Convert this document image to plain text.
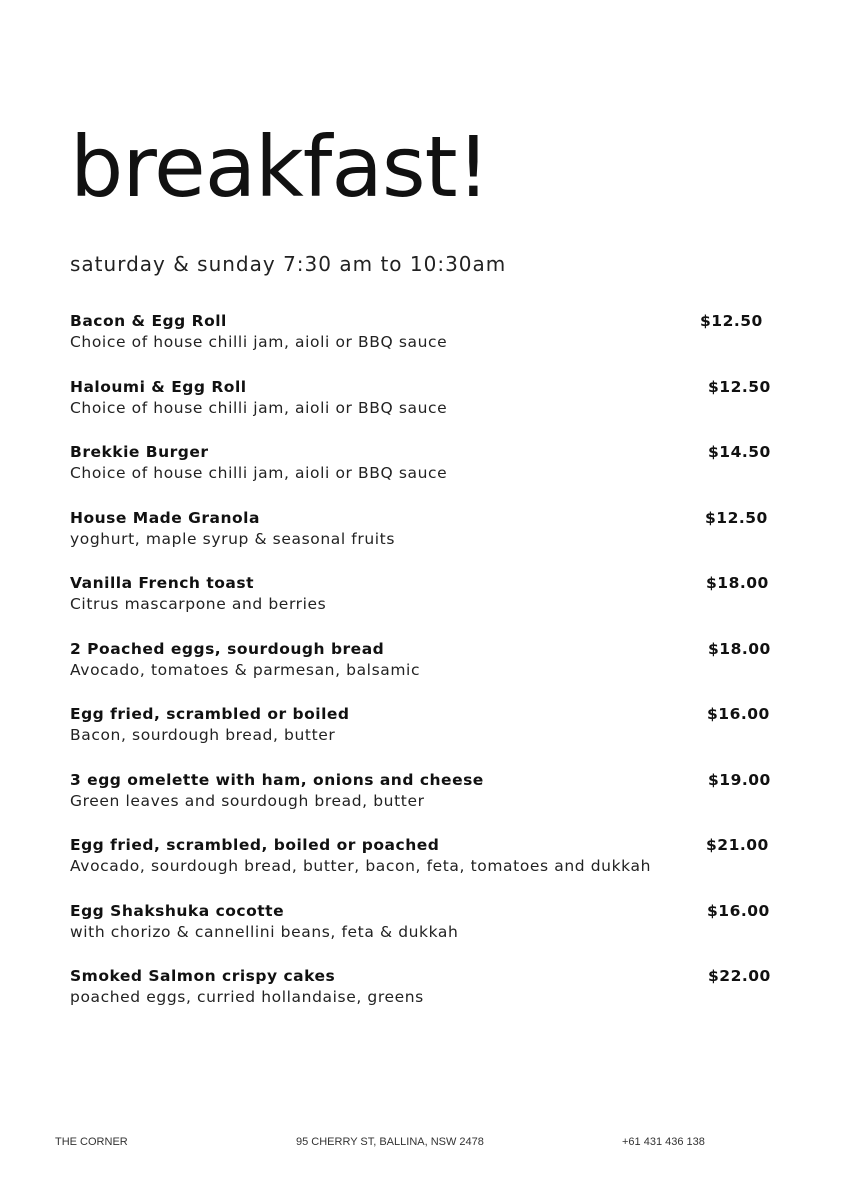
breakfast!
saturday & sunday 7:30 am to 10:30am
Bacon & Egg Roll
Choice of house chilli jam, aioli or BBQ sauce
$12.50
Haloumi & Egg Roll
Choice of house chilli jam, aioli or BBQ sauce
$12.50
Brekkie Burger
Choice of house chilli jam, aioli or BBQ sauce
$14.50
House Made Granola
yoghurt, maple syrup & seasonal fruits
$12.50
Vanilla French toast
Citrus mascarpone and berries
$18.00
2 Poached eggs, sourdough bread
Avocado, tomatoes & parmesan, balsamic
$18.00
Egg fried, scrambled or boiled
Bacon, sourdough bread, butter
$16.00
3 egg omelette with ham, onions and cheese
Green leaves and sourdough bread, butter
$19.00
Egg fried, scrambled, boiled or poached
Avocado, sourdough bread, butter, bacon, feta, tomatoes and dukkah
$21.00
Egg Shakshuka cocotte
with chorizo & cannellini beans, feta & dukkah
$16.00
Smoked Salmon crispy cakes
poached eggs, curried hollandaise, greens
$22.00
THE CORNER	95 CHERRY ST, BALLINA, NSW 2478	+61 431 436 138
